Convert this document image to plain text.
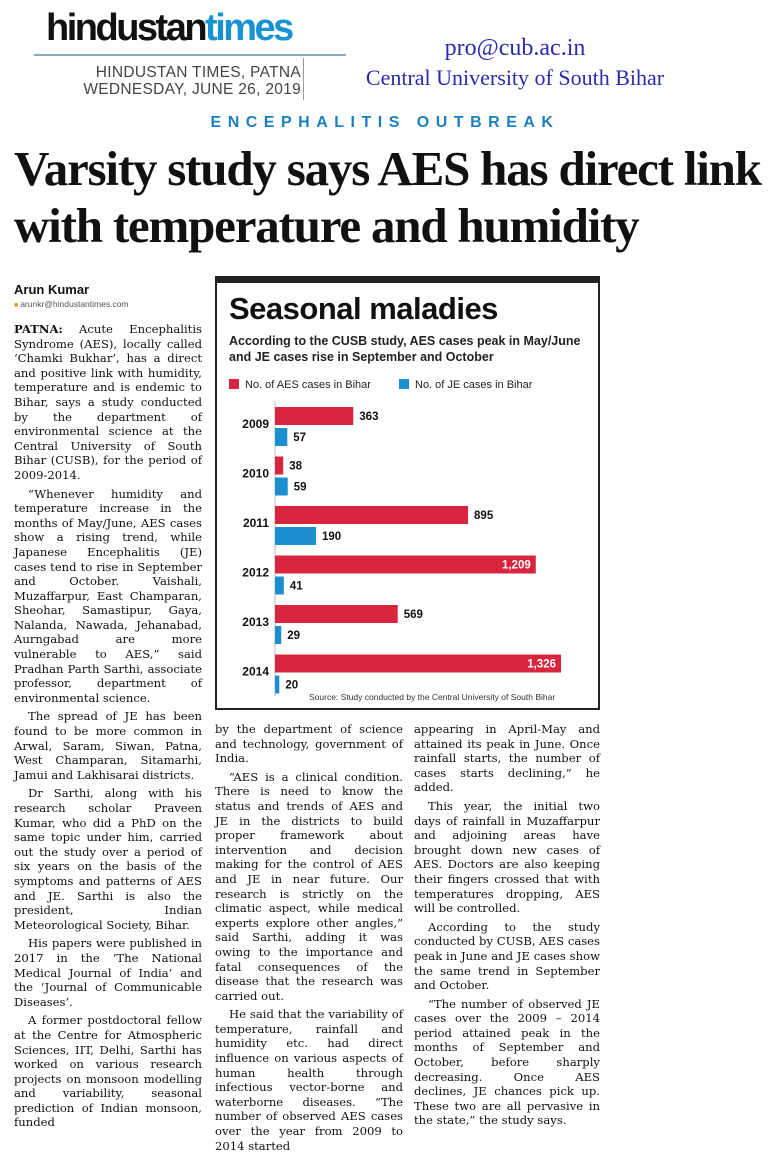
hindustantimes
HINDUSTAN TIMES, PATNA
WEDNESDAY, JUNE 26, 2019
pro@cub.ac.in
Central University of South Bihar
ENCEPHALITIS OUTBREAK
Varsity study says AES has direct link with temperature and humidity
Arun Kumar
■ arunkr@hindustantimes.com

PATNA: Acute Encephalitis Syndrome (AES), locally called ‘Chamki Bukhar’, has a direct and positive link with humidity, temperature and is endemic to Bihar, says a study conducted by the department of environmental science at the Central University of South Bihar (CUSB), for the period of 2009-2014.

“Whenever humidity and temperature increase in the months of May/June, AES cases show a rising trend, while Japanese Encephalitis (JE) cases tend to rise in September and October. Vaishali, Muzaffarpur, East Champaran, Sheohar, Samastipur, Gaya, Nalanda, Nawada, Jehanabad, Aurngabad are more vulnerable to AES,” said Pradhan Parth Sarthi, associate professor, department of environmental science.

The spread of JE has been found to be more common in Arwal, Saram, Siwan, Patna, West Champaran, Sitamarhi, Jamui and Lakhisarai districts.

Dr Sarthi, along with his research scholar Praveen Kumar, who did a PhD on the same topic under him, carried out the study over a period of six years on the basis of the symptoms and patterns of AES and JE. Sarthi is also the president, Indian Meteorological Society, Bihar.

His papers were published in 2017 in the ‘The National Medical Journal of India’ and the ‘Journal of Communicable Diseases’.

A former postdoctoral fellow at the Centre for Atmospheric Sciences, IIT, Delhi, Sarthi has worked on various research projects on monsoon modelling and variability, seasonal prediction of Indian monsoon, funded

by the department of science and technology, government of India.

“AES is a clinical condition. There is need to know the status and trends of AES and JE in the districts to build proper framework about intervention and decision making for the control of AES and JE in near future. Our research is strictly on the climatic aspect, while medical experts explore other angles,” said Sarthi, adding it was owing to the importance and fatal consequences of the disease that the research was carried out.

He said that the variability of temperature, rainfall and humidity etc. had direct influence on various aspects of human health through infectious vector-borne and waterborne diseases. “The number of observed AES cases over the year from 2009 to 2014 started

appearing in April-May and attained its peak in June. Once rainfall starts, the number of cases starts declining,” he added.

This year, the initial two days of rainfall in Muzaffarpur and adjoining areas have brought down new cases of AES. Doctors are also keeping their fingers crossed that with temperatures dropping, AES will be controlled.

According to the study conducted by CUSB, AES cases peak in June and JE cases show the same trend in September and October.

“The number of observed JE cases over the 2009 – 2014 period attained peak in the months of September and October, before sharply decreasing. Once AES declines, JE chances pick up. These two are all pervasive in the state,” the study says.

2009	363
57
2010 38
59
2011	895
190
2012	1,209
41
2013	569
29
2014	1,326
20
Seasonal maladies
According to the CUSB study, AES cases peak in May/June and JE cases rise in September and October
No. of AES cases in Bihar	No. of JE cases in Bihar
Source: Study conducted by the Central University of South Bihar
